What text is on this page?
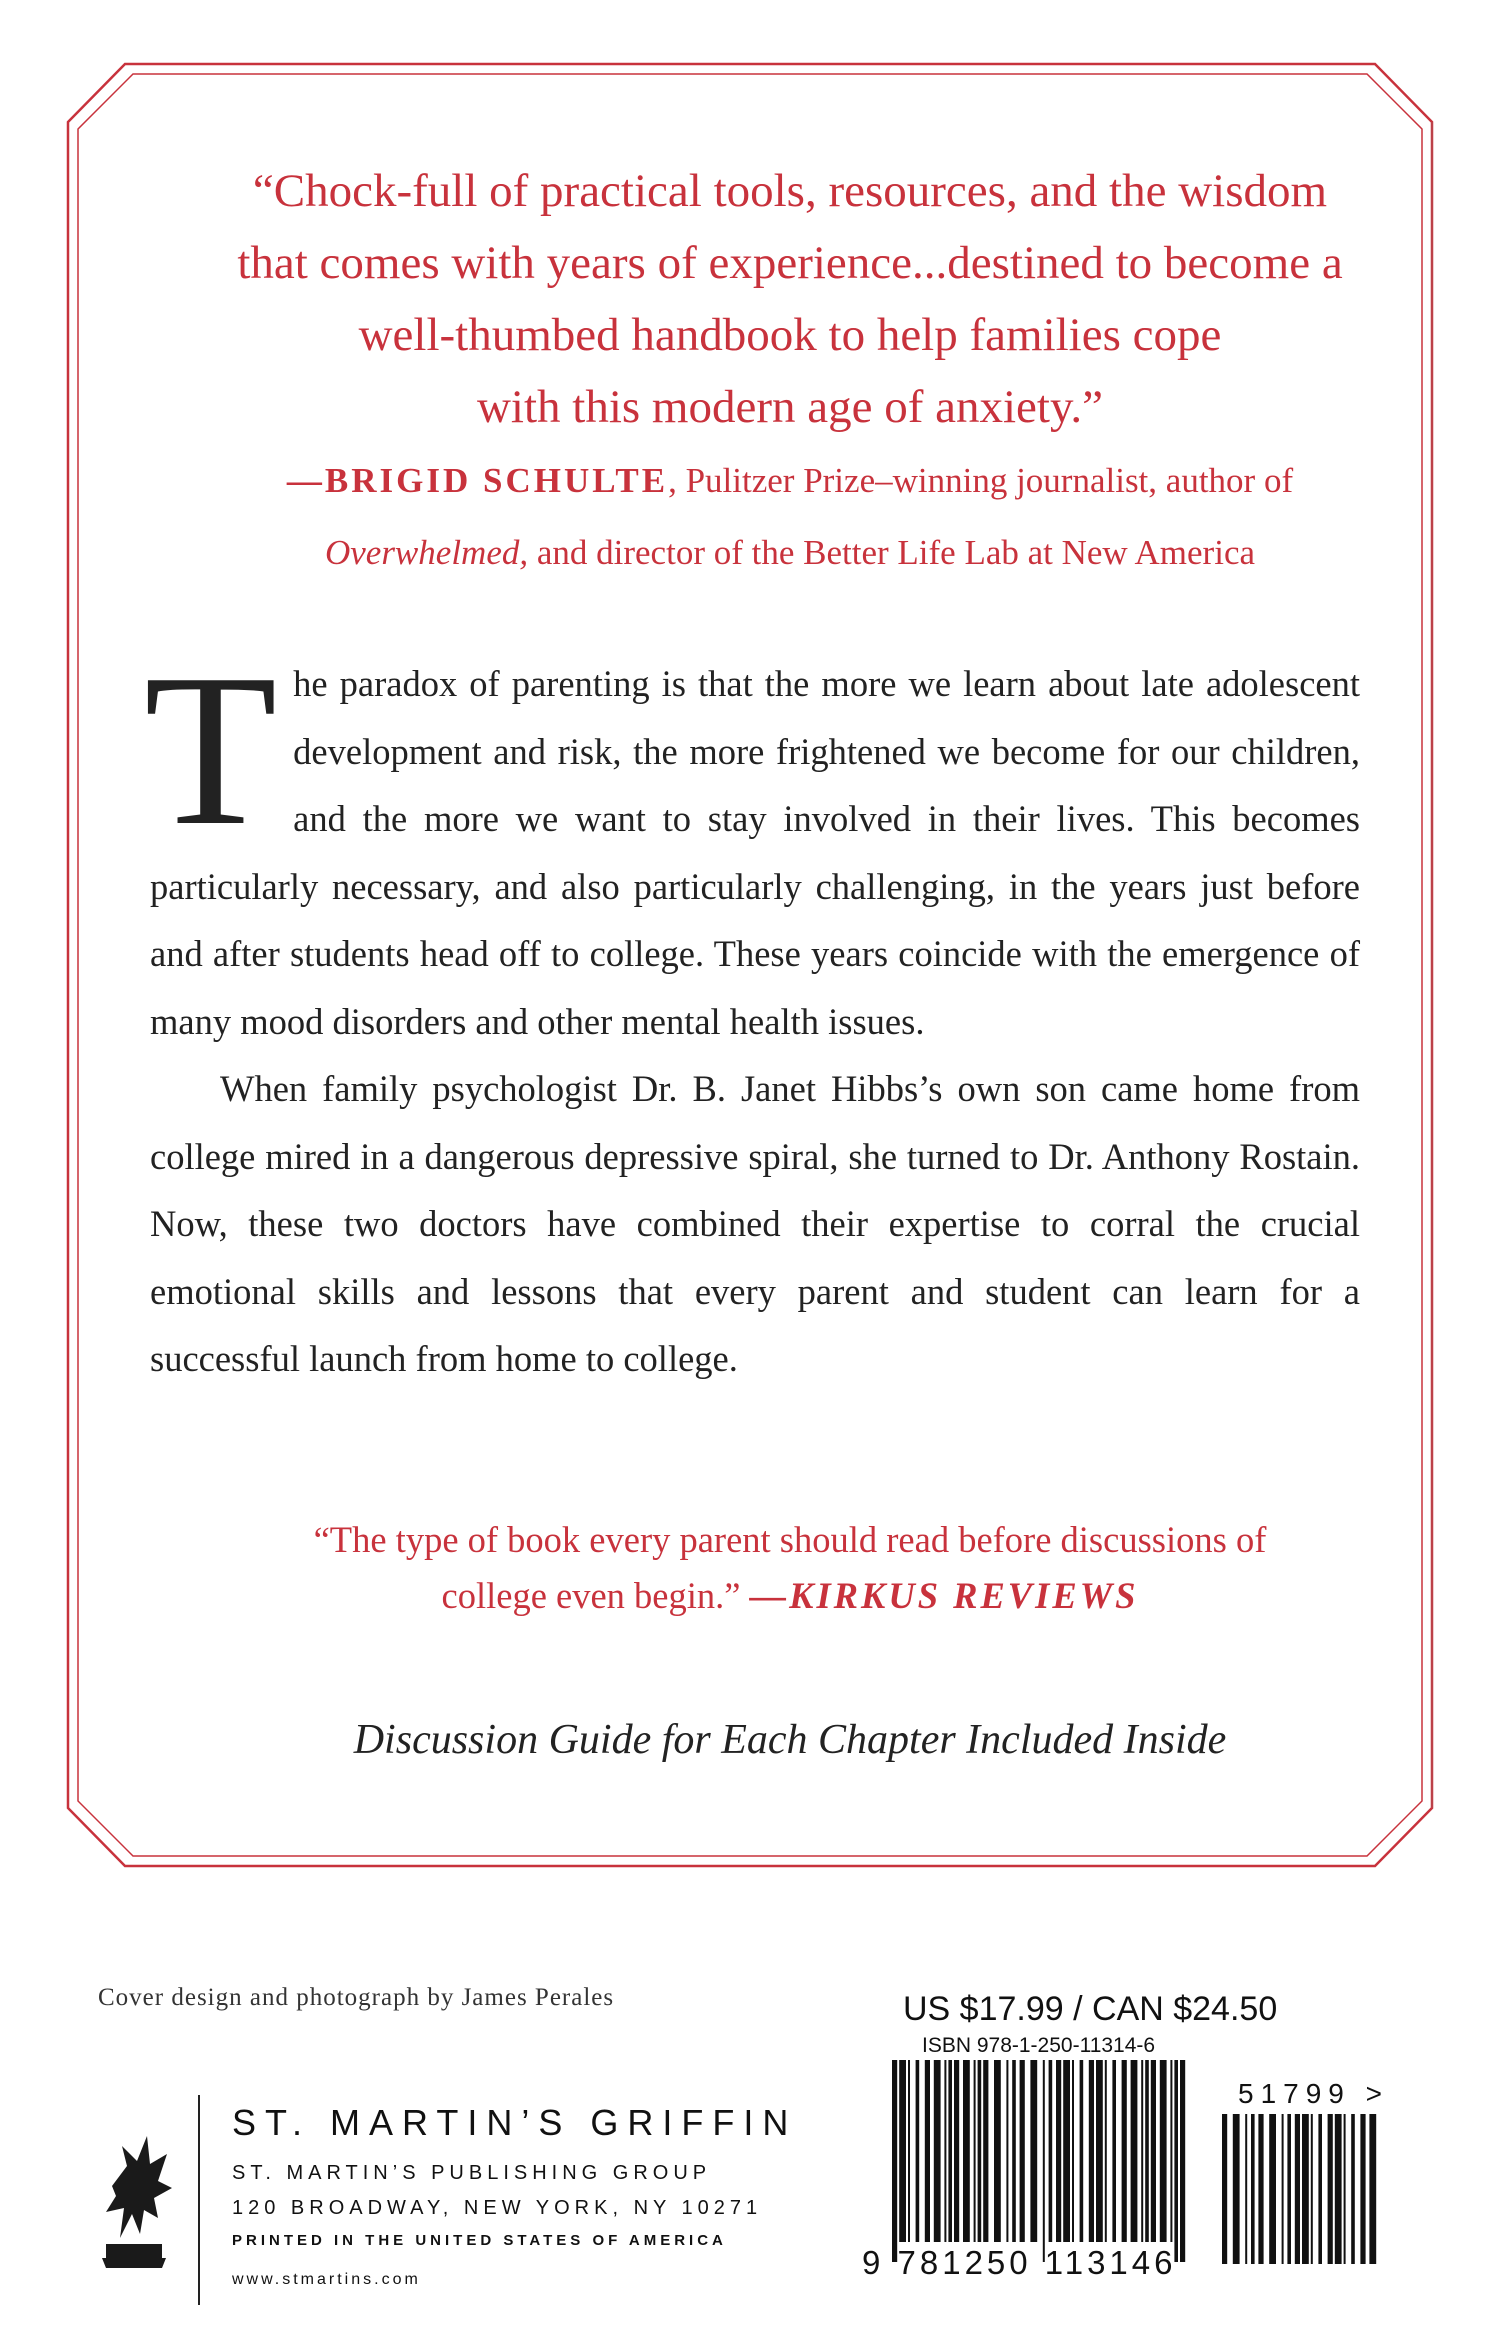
“Chock-full of practical tools, resources, and the wisdom
that comes with years of experience...destined to become a
well-thumbed handbook to help families cope
with this modern age of anxiety.”
—BRIGID SCHULTE, Pulitzer Prize–winning journalist, author of
Overwhelmed, and director of the Better Life Lab at New America

The paradox of parenting is that the more we learn about late adolescent development and risk, the more frightened we become for our children, and the more we want to stay involved in their lives. This becomes particularly necessary, and also particularly challenging, in the years just before and after students head off to college. These years coincide with the emergence of many mood disorders and other mental health issues.

When family psychologist Dr. B. Janet Hibbs’s own son came home from college mired in a dangerous depressive spiral, she turned to Dr. Anthony Rostain. Now, these two doctors have combined their expertise to corral the crucial emotional skills and lessons that every parent and student can learn for a successful launch from home to college.

“The type of book every parent should read before discussions of
college even begin.” —KIRKUS REVIEWS
Discussion Guide for Each Chapter Included Inside
Cover design and photograph by James Perales
ST. MARTIN’S GRIFFIN
ST. MARTIN’S PUBLISHING GROUP
120 BROADWAY, NEW YORK, NY 10271
PRINTED IN THE UNITED STATES OF AMERICA
www.stmartins.com
US $17.99 / CAN $24.50
ISBN 978-1-250-11314-6
9 781250 113146
51799 >
